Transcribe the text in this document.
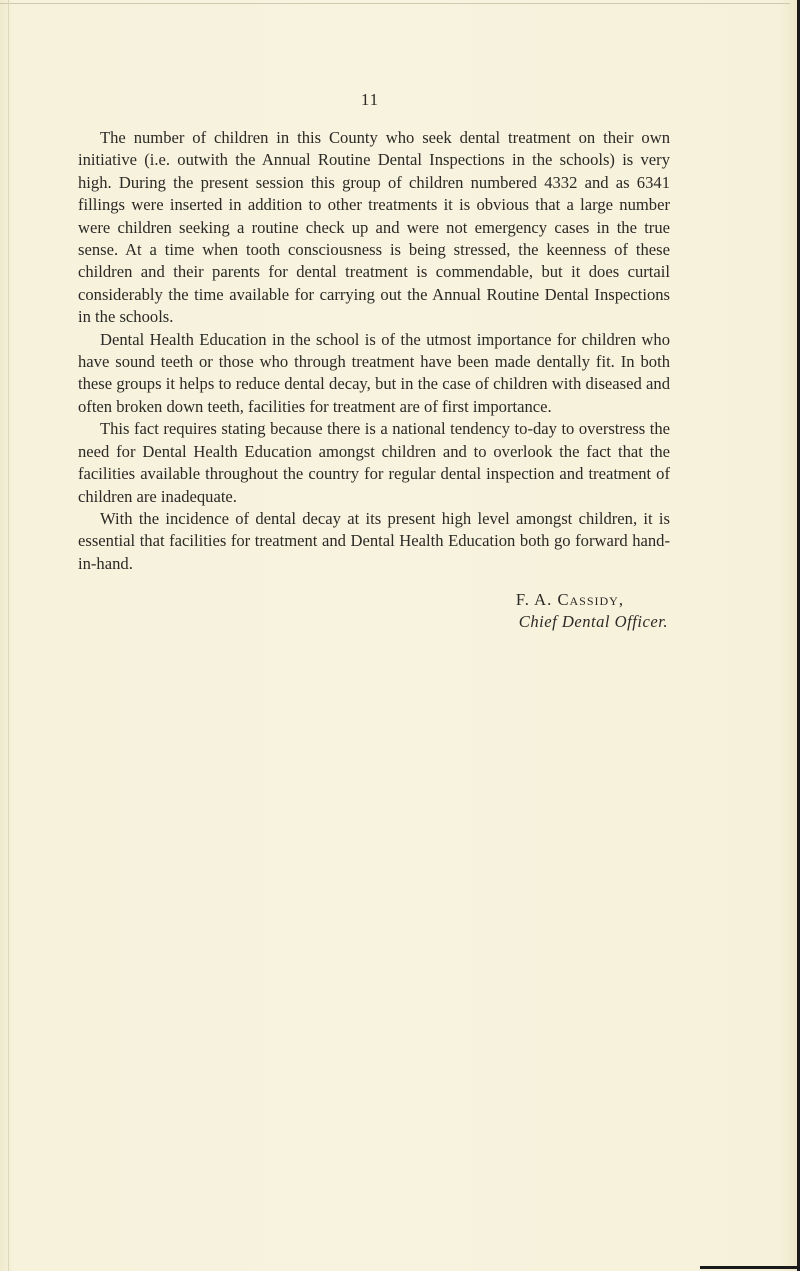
11

The number of children in this County who seek dental treatment on their own initiative (i.e. outwith the Annual Routine Dental Inspections in the schools) is very high. During the present session this group of children numbered 4332 and as 6341 fillings were inserted in addition to other treatments it is obvious that a large number were children seeking a routine check up and were not emergency cases in the true sense. At a time when tooth consciousness is being stressed, the keenness of these children and their parents for dental treatment is commendable, but it does curtail considerably the time available for carrying out the Annual Routine Dental Inspections in the schools.

Dental Health Education in the school is of the utmost importance for children who have sound teeth or those who through treatment have been made dentally fit. In both these groups it helps to reduce dental decay, but in the case of children with diseased and often broken down teeth, facilities for treatment are of first importance.

This fact requires stating because there is a national tendency to-day to overstress the need for Dental Health Education amongst children and to overlook the fact that the facilities available throughout the country for regular dental inspection and treatment of children are inadequate.

With the incidence of dental decay at its present high level amongst children, it is essential that facilities for treatment and Dental Health Education both go forward hand-in-hand.

F. A. Cassidy,
Chief Dental Officer.
